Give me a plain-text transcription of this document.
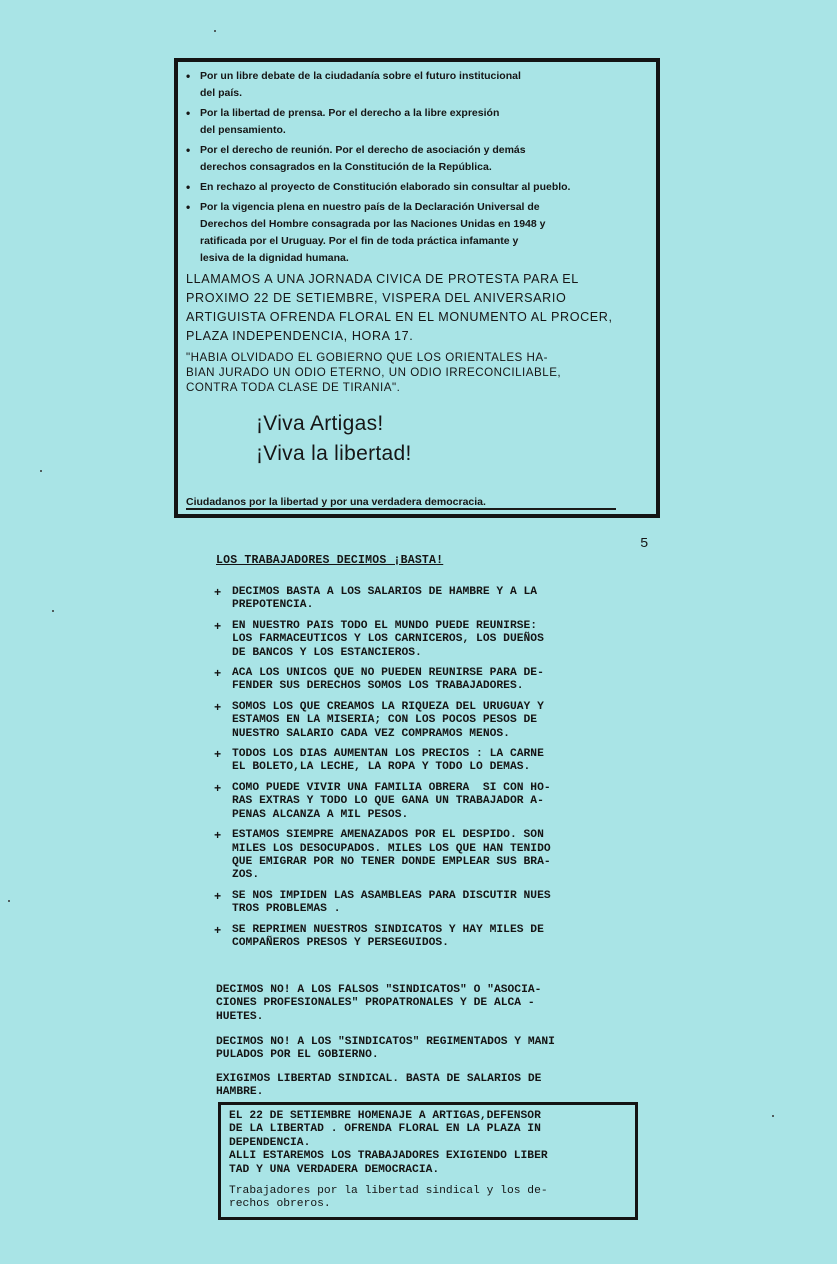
• Por un libre debate de la ciudadanía sobre el futuro institucional
del país.
• Por la libertad de prensa. Por el derecho a la libre expresión
del pensamiento.
• Por el derecho de reunión. Por el derecho de asociación y demás
derechos consagrados en la Constitución de la República.
• En rechazo al proyecto de Constitución elaborado sin consultar al pueblo.
• Por la vigencia plena en nuestro país de la Declaración Universal de
Derechos del Hombre consagrada por las Naciones Unidas en 1948 y
ratificada por el Uruguay. Por el fin de toda práctica infamante y
lesiva de la dignidad humana.
LLAMAMOS A UNA JORNADA CIVICA DE PROTESTA PARA EL
PROXIMO 22 DE SETIEMBRE, VISPERA DEL ANIVERSARIO
ARTIGUISTA OFRENDA FLORAL EN EL MONUMENTO AL PROCER,
PLAZA INDEPENDENCIA, HORA 17.
"HABIA OLVIDADO EL GOBIERNO QUE LOS ORIENTALES HA-
BIAN JURADO UN ODIO ETERNO, UN ODIO IRRECONCILIABLE,
CONTRA TODA CLASE DE TIRANIA".
¡Viva Artigas!
¡Viva la libertad!
Ciudadanos por la libertad y por una verdadera democracia.
5
LOS TRABAJADORES DECIMOS ¡BASTA!
+ DECIMOS BASTA A LOS SALARIOS DE HAMBRE Y A LA
PREPOTENCIA.
+ EN NUESTRO PAIS TODO EL MUNDO PUEDE REUNIRSE:
LOS FARMACEUTICOS Y LOS CARNICEROS, LOS DUEÑOS
DE BANCOS Y LOS ESTANCIEROS.
+ ACA LOS UNICOS QUE NO PUEDEN REUNIRSE PARA DE-
FENDER SUS DERECHOS SOMOS LOS TRABAJADORES.
+ SOMOS LOS QUE CREAMOS LA RIQUEZA DEL URUGUAY Y
ESTAMOS EN LA MISERIA; CON LOS POCOS PESOS DE
NUESTRO SALARIO CADA VEZ COMPRAMOS MENOS.
+ TODOS LOS DIAS AUMENTAN LOS PRECIOS : LA CARNE
EL BOLETO,LA LECHE, LA ROPA Y TODO LO DEMAS.
+ COMO PUEDE VIVIR UNA FAMILIA OBRERA  SI CON HO-
RAS EXTRAS Y TODO LO QUE GANA UN TRABAJADOR A-
PENAS ALCANZA A MIL PESOS.
+ ESTAMOS SIEMPRE AMENAZADOS POR EL DESPIDO. SON
MILES LOS DESOCUPADOS. MILES LOS QUE HAN TENIDO
QUE EMIGRAR POR NO TENER DONDE EMPLEAR SUS BRA-
ZOS.
+ SE NOS IMPIDEN LAS ASAMBLEAS PARA DISCUTIR NUES
TROS PROBLEMAS .
+ SE REPRIMEN NUESTROS SINDICATOS Y HAY MILES DE
COMPAÑEROS PRESOS Y PERSEGUIDOS.
DECIMOS NO! A LOS FALSOS "SINDICATOS" O "ASOCIA-
CIONES PROFESIONALES" PROPATRONALES Y DE ALCA -
HUETES.
DECIMOS NO! A LOS "SINDICATOS" REGIMENTADOS Y MANI
PULADOS POR EL GOBIERNO.
EXIGIMOS LIBERTAD SINDICAL. BASTA DE SALARIOS DE
HAMBRE.
EL 22 DE SETIEMBRE HOMENAJE A ARTIGAS,DEFENSOR
DE LA LIBERTAD . OFRENDA FLORAL EN LA PLAZA IN
DEPENDENCIA.
ALLI ESTAREMOS LOS TRABAJADORES EXIGIENDO LIBER
TAD Y UNA VERDADERA DEMOCRACIA.
Trabajadores por la libertad sindical y los de-
rechos obreros.
